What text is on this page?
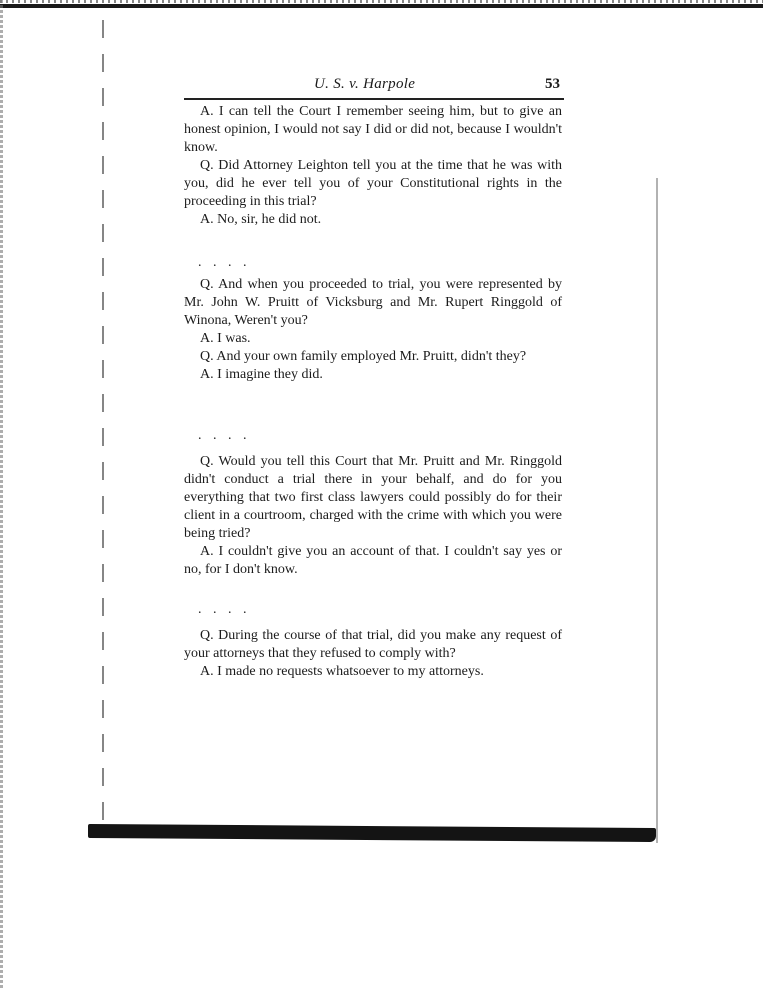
U. S. v. Harpole	53

A. I can tell the Court I remember seeing him, but to give an honest opinion, I would not say I did or did not, because I wouldn't know.

Q. Did Attorney Leighton tell you at the time that he was with you, did he ever tell you of your Constitutional rights in the proceeding in this trial?

A. No, sir, he did not.

. . . .

Q. And when you proceeded to trial, you were represented by Mr. John W. Pruitt of Vicksburg and Mr. Rupert Ringgold of Winona, Weren't you?

A. I was.

Q. And your own family employed Mr. Pruitt, didn't they?

A. I imagine they did.

. . . .

Q. Would you tell this Court that Mr. Pruitt and Mr. Ringgold didn't conduct a trial there in your behalf, and do for you everything that two first class lawyers could possibly do for their client in a courtroom, charged with the crime with which you were being tried?

A. I couldn't give you an account of that. I couldn't say yes or no, for I don't know.

. . . .

Q. During the course of that trial, did you make any request of your attorneys that they refused to comply with?

A. I made no requests whatsoever to my attorneys.
